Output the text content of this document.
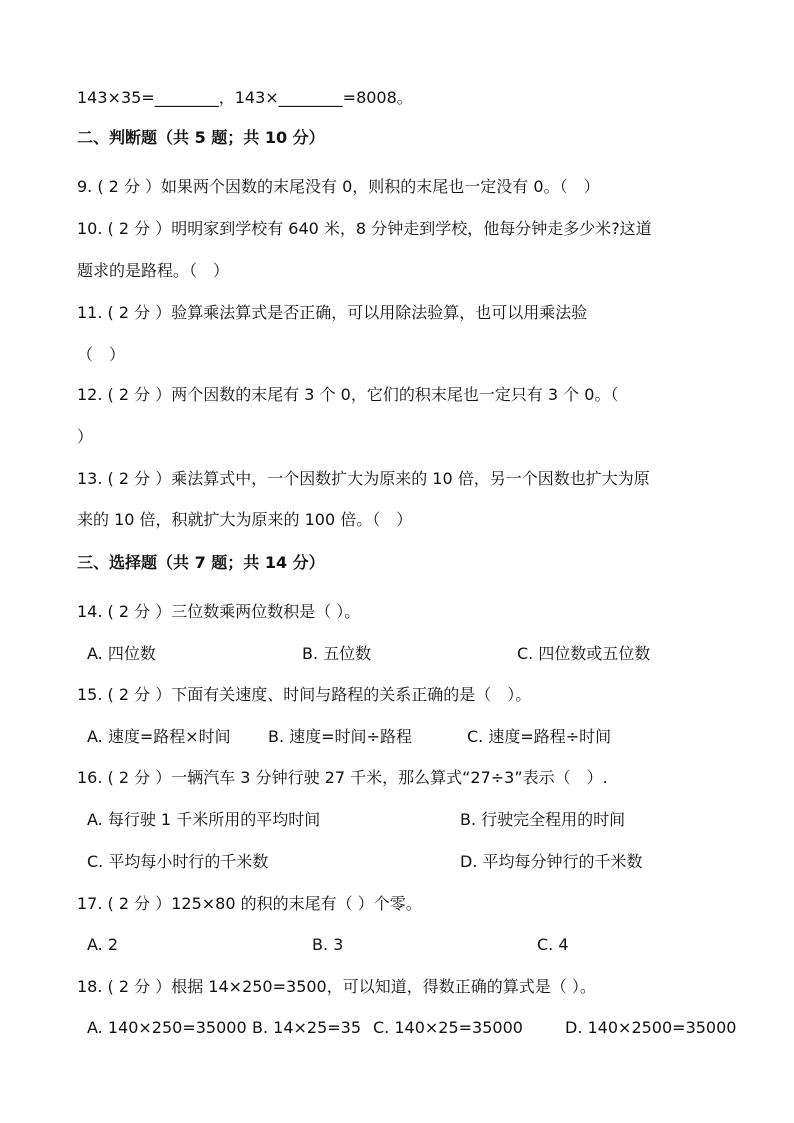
143×35=________，143×________=8008。
二、判断题（共 5 题；共 10 分）
9. ( 2 分 ）如果两个因数的末尾没有 0，则积的末尾也一定没有 0。（　）
10. ( 2 分 ）明明家到学校有 640 米，8 分钟走到学校，他每分钟走多少米?这道
题求的是路程。（　）
11. ( 2 分 ）验算乘法算式是否正确，可以用除法验算，也可以用乘法验
（　）
12. ( 2 分 ）两个因数的末尾有 3 个 0，它们的积末尾也一定只有 3 个 0。（
）
13. ( 2 分 ）乘法算式中，一个因数扩大为原来的 10 倍，另一个因数也扩大为原
来的 10 倍，积就扩大为原来的 100 倍。（　）
三、选择题（共 7 题；共 14 分）
14. ( 2 分 ）三位数乘两位数积是（ ）。
A. 四位数	B. 五位数	C. 四位数或五位数
15. ( 2 分 ）下面有关速度、时间与路程的关系正确的是（　）。
A. 速度=路程×时间 B. 速度=时间÷路程	C. 速度=路程÷时间
16. ( 2 分 ）一辆汽车 3 分钟行驶 27 千米，那么算式“27÷3”表示（　）.
A. 每行驶 1 千米所用的平均时间	B. 行驶完全程用的时间
C. 平均每小时行的千米数	D. 平均每分钟行的千米数
17. ( 2 分 ）125×80 的积的末尾有（ ）个零。
A. 2	B. 3	C. 4
18. ( 2 分 ）根据 14×250=3500，可以知道，得数正确的算式是（ ）。
A. 140×250=35000 B. 14×25=35 C. 140×25=35000	D. 140×2500=35000
